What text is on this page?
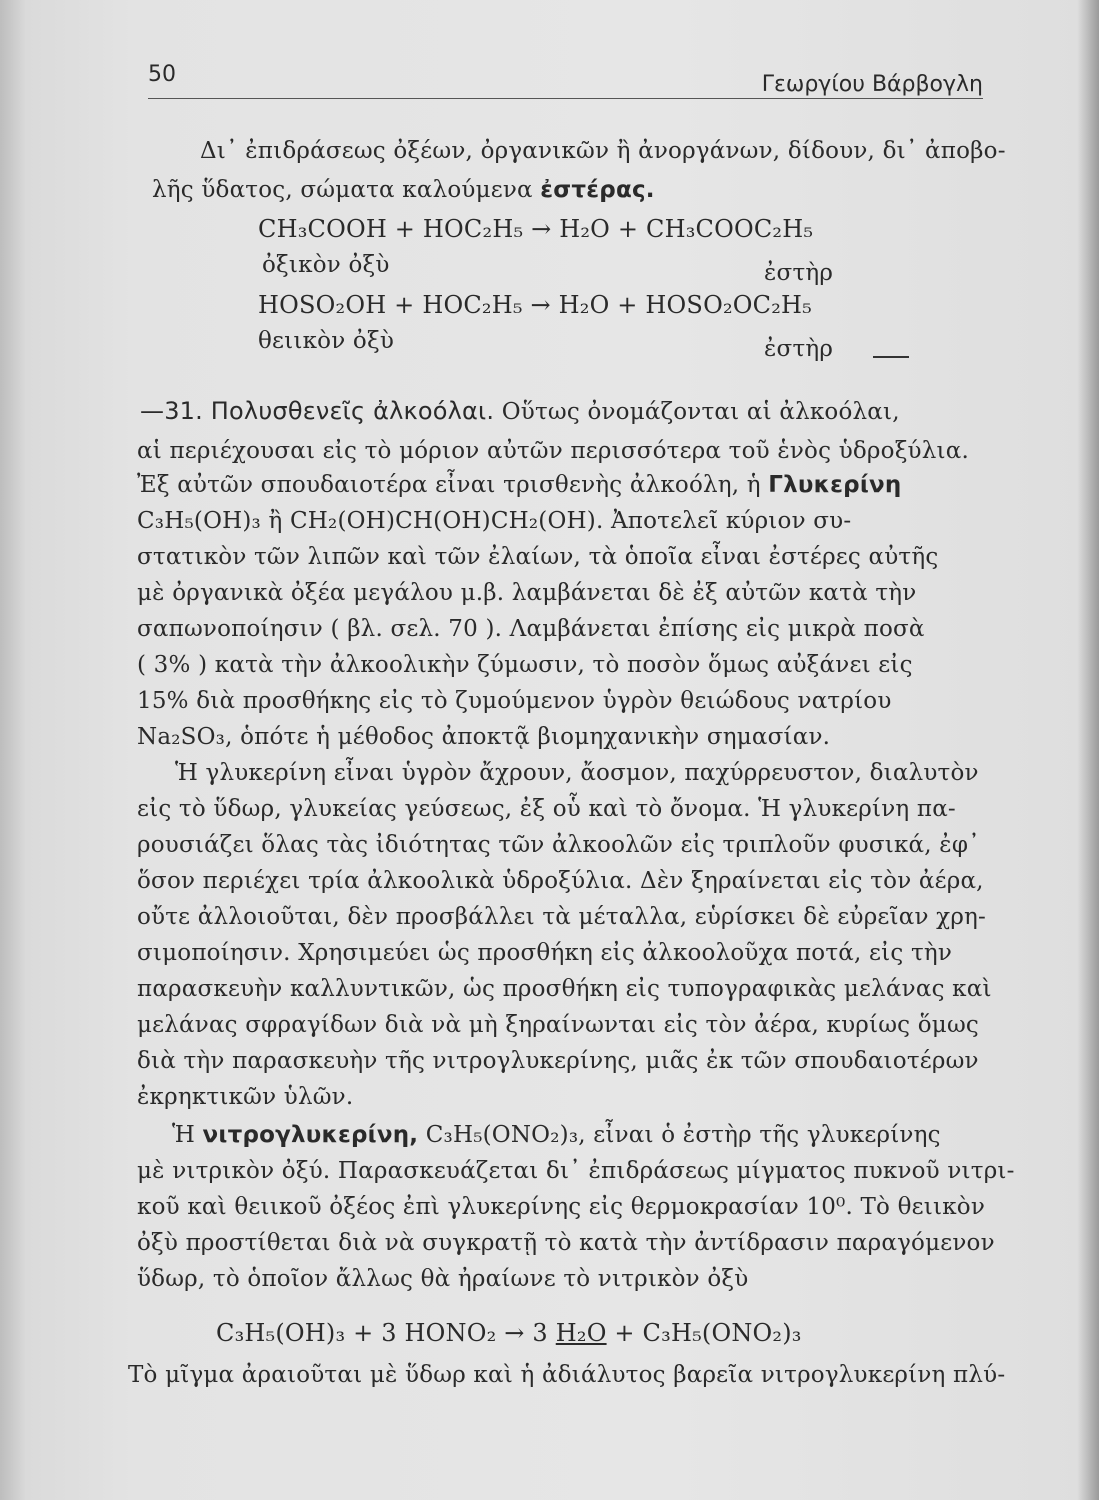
50	Γεωργίου Βάρβογλη
Δι᾽ ἐπιδράσεως ὀξέων, ὀργανικῶν ἢ ἀνοργάνων, δίδουν, δι᾽ ἀποβο-
λῆς ὕδατος, σώματα καλούμενα ἐστέρας.
CH₃COOH + HOC₂H₅ → H₂O + CH₃COOC₂H₅
ὀξικὸν ὀξὺ	ἐστὴρ
HOSO₂OH + HOC₂H₅ → H₂O + HOSO₂OC₂H₅
θειικὸν ὀξὺ	ἐστὴρ
—31. Πολυσθενεῖς ἀλκοόλαι. Οὕτως ὀνομάζονται αἱ ἀλκοόλαι,
αἱ περιέχουσαι εἰς τὸ μόριον αὐτῶν περισσότερα τοῦ ἑνὸς ὑδροξύλια.
Ἐξ αὐτῶν σπουδαιοτέρα εἶναι τρισθενὴς ἀλκοόλη, ἡ Γλυκερίνη
C₃H₅(OH)₃ ἢ CH₂(OH)CH(OH)CH₂(OH). Ἀποτελεῖ κύριον συ-
στατικὸν τῶν λιπῶν καὶ τῶν ἐλαίων, τὰ ὁποῖα εἶναι ἐστέρες αὐτῆς
μὲ ὀργανικὰ ὀξέα μεγάλου μ.β. λαμβάνεται δὲ ἐξ αὐτῶν κατὰ τὴν
σαπωνοποίησιν ( βλ. σελ. 70 ). Λαμβάνεται ἐπίσης εἰς μικρὰ ποσὰ
( 3% ) κατὰ τὴν ἀλκοολικὴν ζύμωσιν, τὸ ποσὸν ὅμως αὐξάνει εἰς
15% διὰ προσθήκης εἰς τὸ ζυμούμενον ὑγρὸν θειώδους νατρίου
Na₂SO₃, ὁπότε ἡ μέθοδος ἀποκτᾷ βιομηχανικὴν σημασίαν.
Ἡ γλυκερίνη εἶναι ὑγρὸν ἄχρουν, ἄοσμον, παχύρρευστον, διαλυτὸν
εἰς τὸ ὕδωρ, γλυκείας γεύσεως, ἐξ οὗ καὶ τὸ ὄνομα. Ἡ γλυκερίνη πα-
ρουσιάζει ὅλας τὰς ἰδιότητας τῶν ἀλκοολῶν εἰς τριπλοῦν φυσικά, ἐφ᾽
ὅσον περιέχει τρία ἀλκοολικὰ ὑδροξύλια. Δὲν ξηραίνεται εἰς τὸν ἀέρα,
οὔτε ἀλλοιοῦται, δὲν προσβάλλει τὰ μέταλλα, εὑρίσκει δὲ εὐρεῖαν χρη-
σιμοποίησιν. Χρησιμεύει ὡς προσθήκη εἰς ἀλκοολοῦχα ποτά, εἰς τὴν
παρασκευὴν καλλυντικῶν, ὡς προσθήκη εἰς τυπογραφικὰς μελάνας καὶ
μελάνας σφραγίδων διὰ νὰ μὴ ξηραίνωνται εἰς τὸν ἀέρα, κυρίως ὅμως
διὰ τὴν παρασκευὴν τῆς νιτρογλυκερίνης, μιᾶς ἐκ τῶν σπουδαιοτέρων
ἐκρηκτικῶν ὑλῶν.
Ἡ νιτρογλυκερίνη, C₃H₅(ONO₂)₃, εἶναι ὁ ἐστὴρ τῆς γλυκερίνης
μὲ νιτρικὸν ὀξύ. Παρασκευάζεται δι᾽ ἐπιδράσεως μίγματος πυκνοῦ νιτρι-
κοῦ καὶ θειικοῦ ὀξέος ἐπὶ γλυκερίνης εἰς θερμοκρασίαν 10⁰. Τὸ θειικὸν
ὀξὺ προστίθεται διὰ νὰ συγκρατῇ τὸ κατὰ τὴν ἀντίδρασιν παραγόμενον
ὕδωρ, τὸ ὁποῖον ἄλλως θὰ ἠραίωνε τὸ νιτρικὸν ὀξὺ
C₃H₅(OH)₃ + 3 HONO₂ → 3 H₂O + C₃H₅(ONO₂)₃
Τὸ μῖγμα ἀραιοῦται μὲ ὕδωρ καὶ ἡ ἀδιάλυτος βαρεῖα νιτρογλυκερίνη πλύ-
